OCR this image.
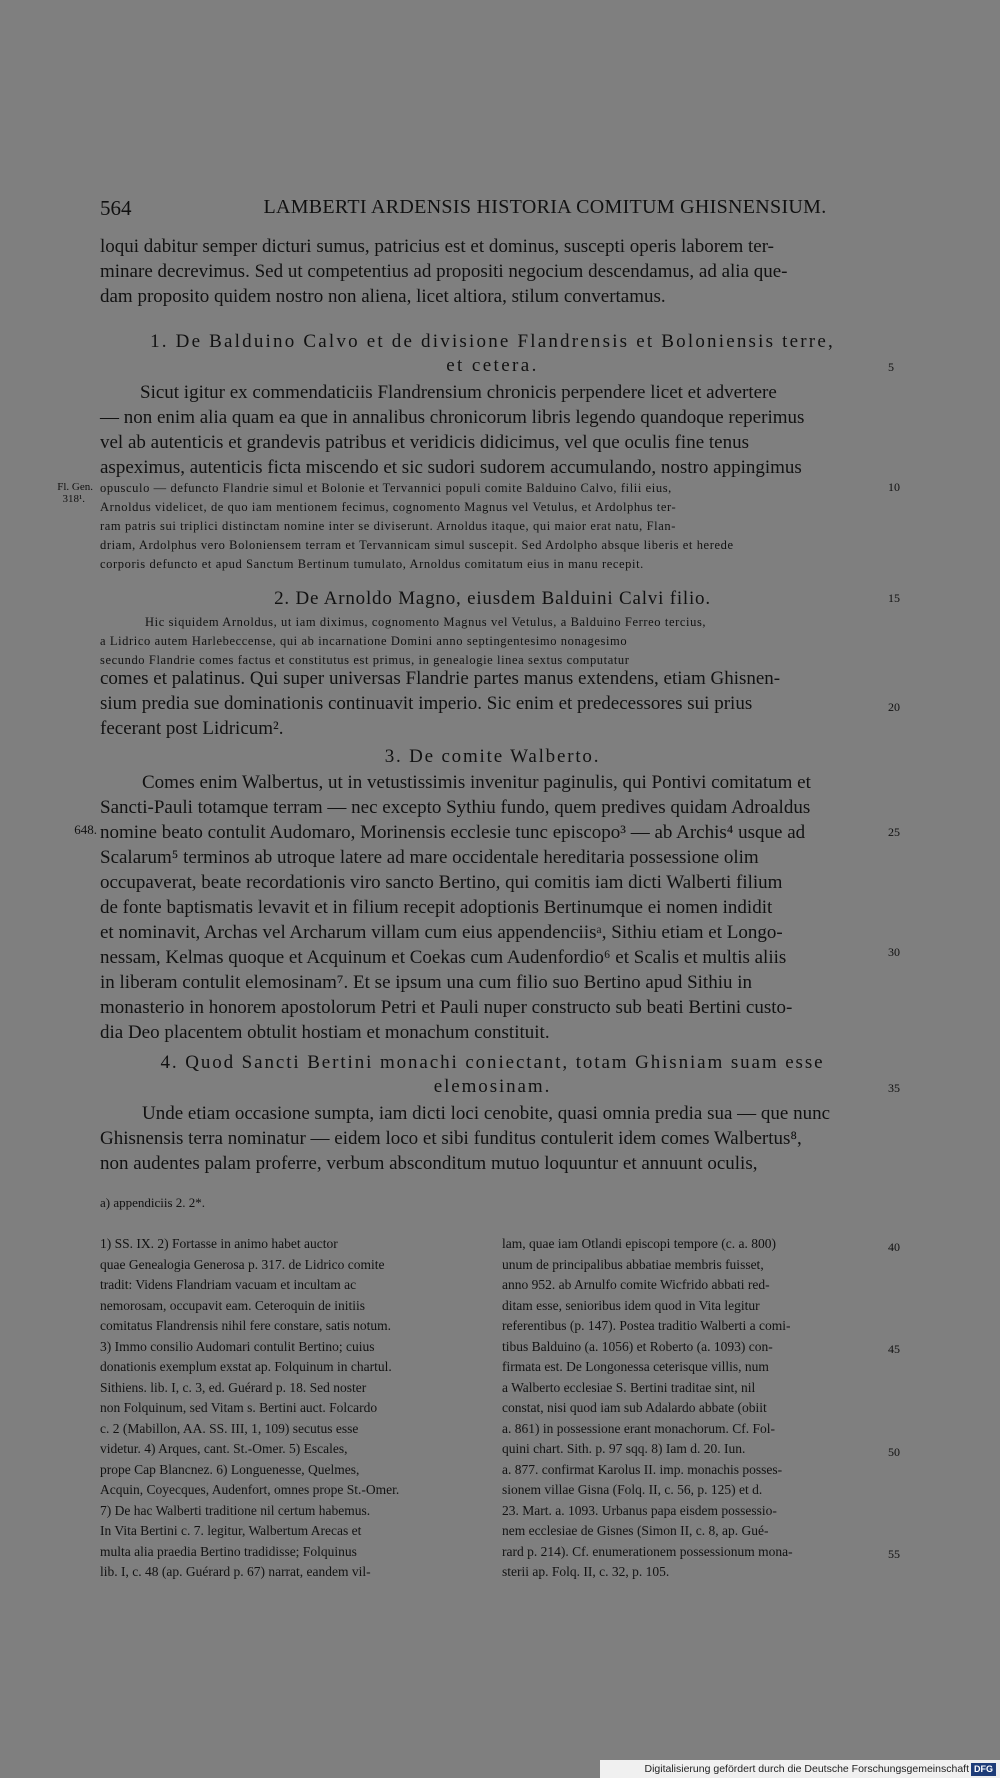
564	LAMBERTI ARDENSIS HISTORIA COMITUM GHISNENSIUM.
loqui dabitur semper dicturi sumus, patricius est et dominus, suscepti operis laborem ter-
minare decrevimus. Sed ut competentius ad propositi negocium descendamus, ad alia que-
dam proposito quidem nostro non aliena, licet altiora, stilum convertamus.
1. De Balduino Calvo et de divisione Flandrensis et Boloniensis terre,
et cetera.
Sicut igitur ex commendaticiis Flandrensium chronicis perpendere licet et advertere
— non enim alia quam ea que in annalibus chronicorum libris legendo quandoque reperimus
vel ab autenticis et grandevis patribus et veridicis didicimus, vel que oculis fine tenus
aspeximus, autenticis ficta miscendo et sic sudori sudorem accumulando, nostro appingimus
opusculo — defuncto Flandrie simul et Bolonie et Tervannici populi comite Balduino Calvo, filii eius,
Arnoldus videlicet, de quo iam mentionem fecimus, cognomento Magnus vel Vetulus, et Ardolphus ter-
ram patris sui triplici distinctam nomine inter se diviserunt. Arnoldus itaque, qui maior erat natu, Flan-
driam, Ardolphus vero Boloniensem terram et Tervannicam simul suscepit. Sed Ardolpho absque liberis et herede
corporis defuncto et apud Sanctum Bertinum tumulato, Arnoldus comitatum eius in manu recepit.
2. De Arnoldo Magno, eiusdem Balduini Calvi filio.
Hic siquidem Arnoldus, ut iam diximus, cognomento Magnus vel Vetulus, a Balduino Ferreo tercius,
a Lidrico autem Harlebeccense, qui ab incarnatione Domini anno septingentesimo nonagesimo
secundo Flandrie comes factus et constitutus est primus, in genealogie linea sextus computatur
comes et palatinus. Qui super universas Flandrie partes manus extendens, etiam Ghisnen-
sium predia sue dominationis continuavit imperio. Sic enim et predecessores sui prius
fecerant post Lidricum².
3. De comite Walberto.
Comes enim Walbertus, ut in vetustissimis invenitur paginulis, qui Pontivi comitatum et
Sancti-Pauli totamque terram — nec excepto Sythiu fundo, quem predives quidam Adroaldus
nomine beato contulit Audomaro, Morinensis ecclesie tunc episcopo³ — ab Archis⁴ usque ad
Scalarum⁵ terminos ab utroque latere ad mare occidentale hereditaria possessione olim
occupaverat, beate recordationis viro sancto Bertino, qui comitis iam dicti Walberti filium
de fonte baptismatis levavit et in filium recepit adoptionis Bertinumque ei nomen indidit
et nominavit, Archas vel Archarum villam cum eius appendenciisᵃ, Sithiu etiam et Longo-
nessam, Kelmas quoque et Acquinum et Coekas cum Audenfordio⁶ et Scalis et multis aliis
in liberam contulit elemosinam⁷. Et se ipsum una cum filio suo Bertino apud Sithiu in
monasterio in honorem apostolorum Petri et Pauli nuper constructo sub beati Bertini custo-
dia Deo placentem obtulit hostiam et monachum constituit.
4. Quod Sancti Bertini monachi coniectant, totam Ghisniam suam esse
elemosinam.
Unde etiam occasione sumpta, iam dicti loci cenobite, quasi omnia predia sua — que nunc
Ghisnensis terra nominatur — eidem loco et sibi funditus contulerit idem comes Walbertus⁸,
non audentes palam proferre, verbum absconditum mutuo loquuntur et annuunt oculis,
5
10
15
20
25
30
35
40
45
50
55
Fl. Gen.
318¹.
648.
a) appendiciis 2. 2*.
1) SS. IX. 2) Fortasse in animo habet auctor
quae Genealogia Generosa p. 317. de Lidrico comite
tradit: Videns Flandriam vacuam et incultam ac
nemorosam, occupavit eam. Ceteroquin de initiis
comitatus Flandrensis nihil fere constare, satis notum.
3) Immo consilio Audomari contulit Bertino; cuius
donationis exemplum exstat ap. Folquinum in chartul.
Sithiens. lib. I, c. 3, ed. Guérard p. 18. Sed noster
non Folquinum, sed Vitam s. Bertini auct. Folcardo
c. 2 (Mabillon, AA. SS. III, 1, 109) secutus esse
videtur. 4) Arques, cant. St.-Omer. 5) Escales,
prope Cap Blancnez. 6) Longuenesse, Quelmes,
Acquin, Coyecques, Audenfort, omnes prope St.-Omer.
7) De hac Walberti traditione nil certum habemus.
In Vita Bertini c. 7. legitur, Walbertum Arecas et
multa alia praedia Bertino tradidisse; Folquinus
lib. I, c. 48 (ap. Guérard p. 67) narrat, eandem vil-
lam, quae iam Otlandi episcopi tempore (c. a. 800)
unum de principalibus abbatiae membris fuisset,
anno 952. ab Arnulfo comite Wicfrido abbati red-
ditam esse, senioribus idem quod in Vita legitur
referentibus (p. 147). Postea traditio Walberti a comi-
tibus Balduino (a. 1056) et Roberto (a. 1093) con-
firmata est. De Longonessa ceterisque villis, num
a Walberto ecclesiae S. Bertini traditae sint, nil
constat, nisi quod iam sub Adalardo abbate (obiit
a. 861) in possessione erant monachorum. Cf. Fol-
quini chart. Sith. p. 97 sqq. 8) Iam d. 20. Iun.
a. 877. confirmat Karolus II. imp. monachis posses-
sionem villae Gisna (Folq. II, c. 56, p. 125) et d.
23. Mart. a. 1093. Urbanus papa eisdem possessio-
nem ecclesiae de Gisnes (Simon II, c. 8, ap. Gué-
rard p. 214). Cf. enumerationem possessionum mona-
sterii ap. Folq. II, c. 32, p. 105.
Digitalisierung gefördert durch die Deutsche Forschungsgemeinschaft DFG
